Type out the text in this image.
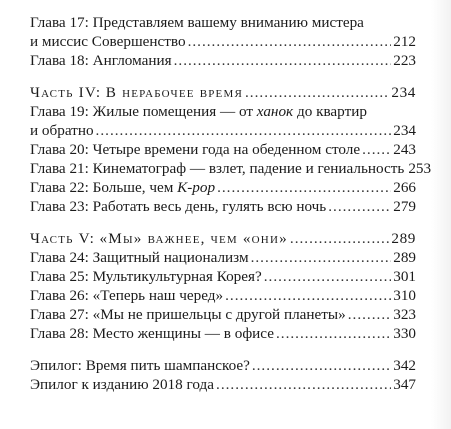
Глава 17: Представляем вашему вниманию мистера
и миссис Совершенство .....	212
Глава 18: Англомания .....	223
Часть IV: В нерабочее время .....	234
Глава 19: Жилые помещения — от ханок до квартир
и обратно .....	234
Глава 20: Четыре времени года на обеденном столе ..... 243
Глава 21: Кинематограф — взлет, падение и гениальность 253
Глава 22: Больше, чем K-pop .....	266
Глава 23: Работать весь день, гулять всю ночь .....	279
Часть V: «Мы» важнее, чем «они» .....	289
Глава 24: Защитный национализм .....	289
Глава 25: Мультикультурная Корея? .....	301
Глава 26: «Теперь наш черед» .....	310
Глава 27: «Мы не пришельцы с другой планеты» .....	323
Глава 28: Место женщины — в офисе .....	330
Эпилог: Время пить шампанское? .....	342
Эпилог к изданию 2018 года .....	347
